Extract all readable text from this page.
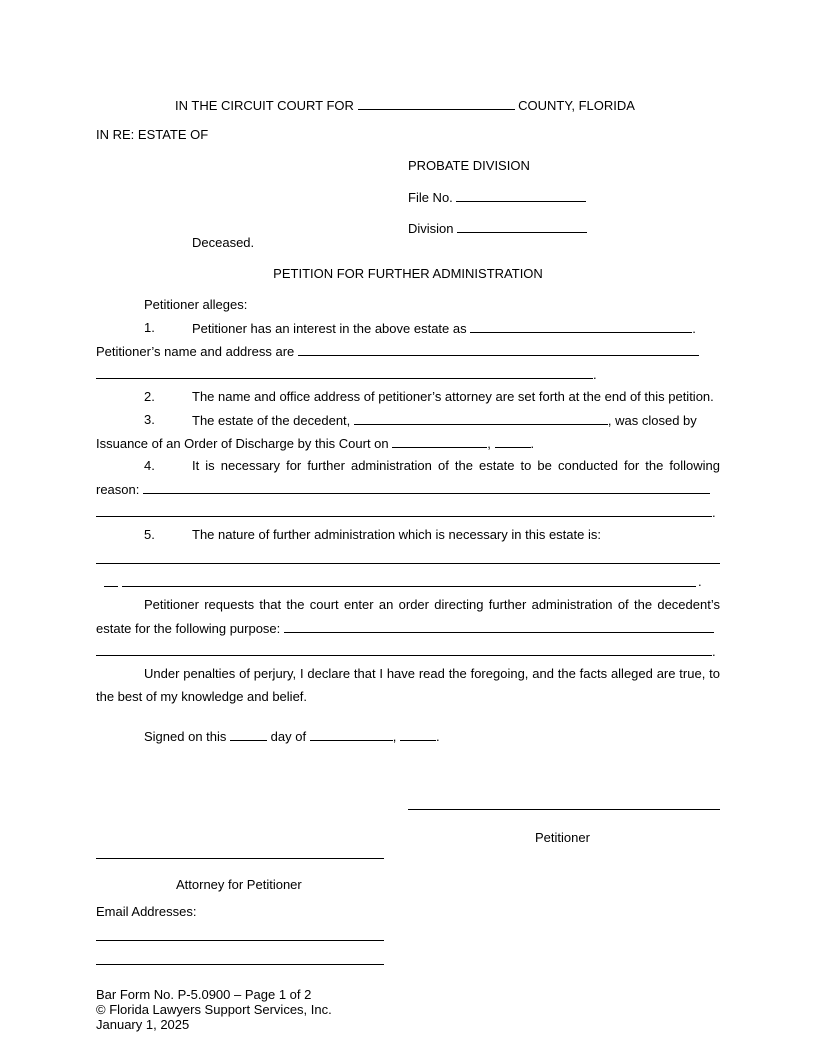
IN THE CIRCUIT COURT FOR	COUNTY, FLORIDA
IN RE: ESTATE OF
PROBATE DIVISION
File No.
Division
Deceased.
PETITION FOR FURTHER ADMINISTRATION
Petitioner alleges:
1.	Petitioner has an interest in the above estate as	.
Petitioner’s name and address are
.
2.	The name and office address of petitioner’s attorney are set forth at the end of this petition.
3.	The estate of the decedent,	, was closed by
Issuance of an Order of Discharge by this Court on	,	.
4.	It is necessary for further administration of the estate to be conducted for the following
reason:
.
5.	The nature of further administration which is necessary in this estate is:
.
Petitioner requests that the court enter an order directing further administration of the decedent’s
estate for the following purpose:
.
Under penalties of perjury, I declare that I have read the foregoing, and the facts alleged are true, to
the best of my knowledge and belief.
Signed on this	day of	,	.
Petitioner
Attorney for Petitioner
Email Addresses:
Bar Form No. P-5.0900 – Page 1 of 2
© Florida Lawyers Support Services, Inc.
January 1, 2025
